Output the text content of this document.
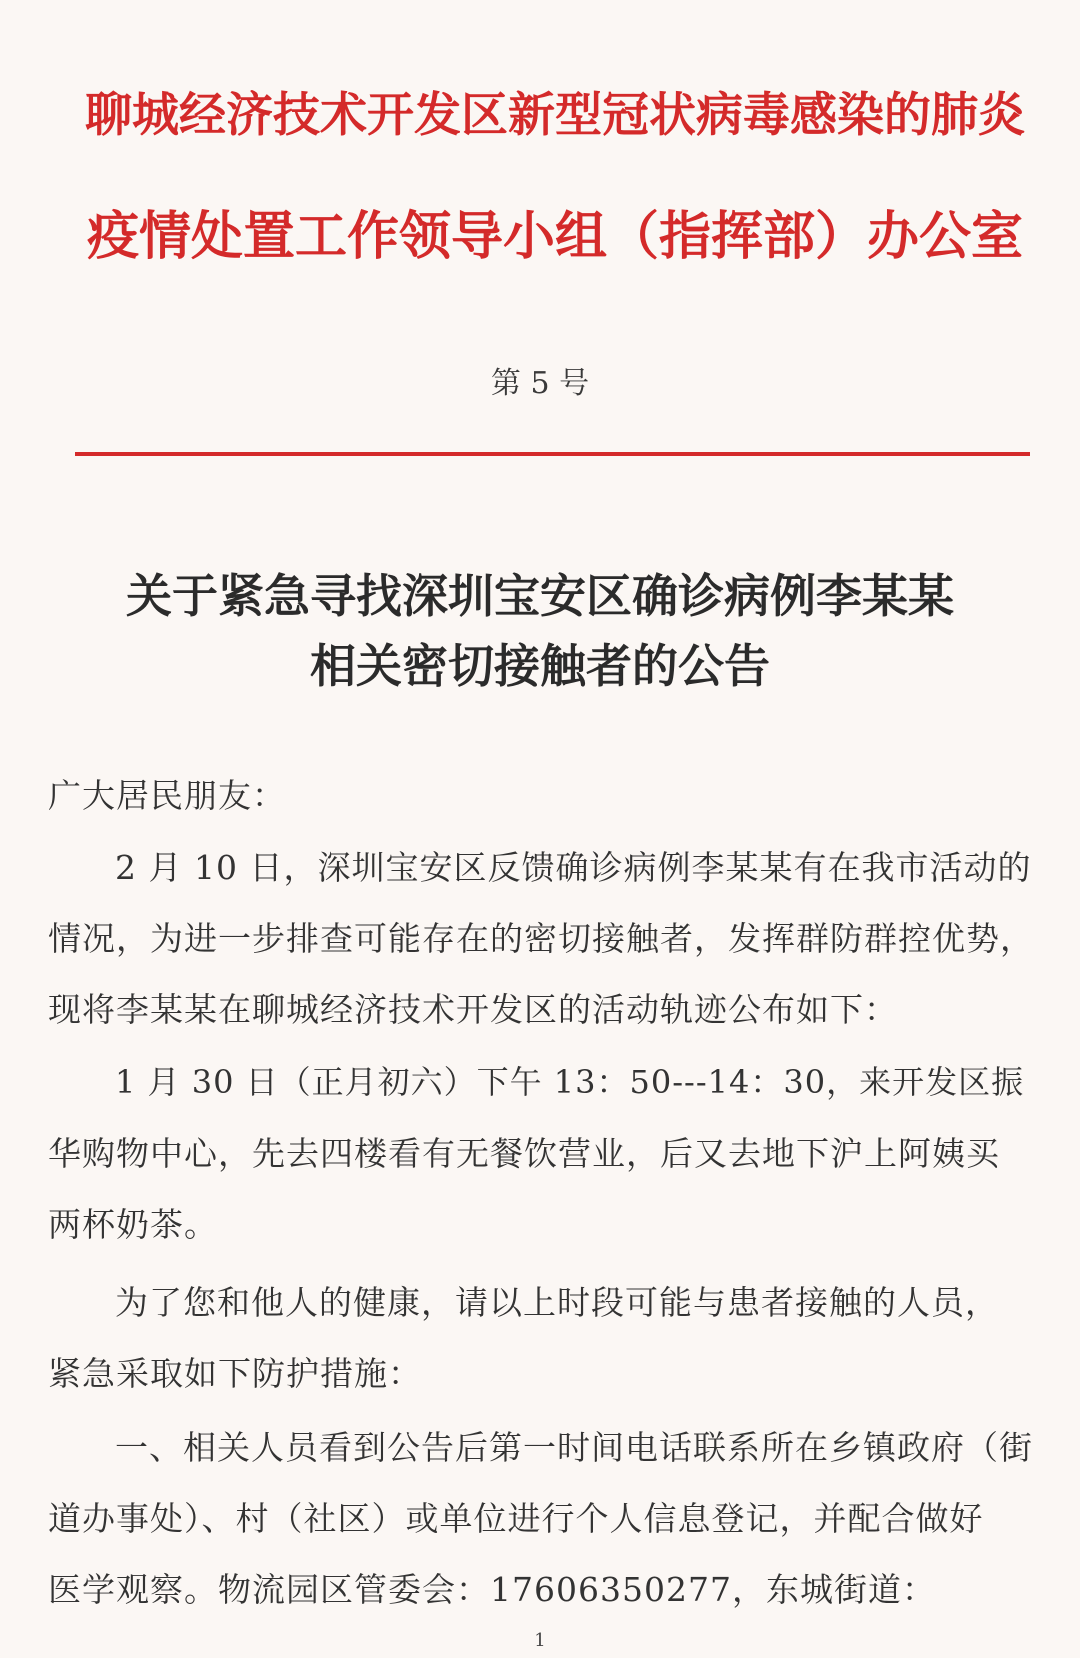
聊城经济技术开发区新型冠状病毒感染的肺炎
疫情处置工作领导小组（指挥部）办公室
第 5 号
关于紧急寻找深圳宝安区确诊病例李某某
相关密切接触者的公告
广大居民朋友：
2 月 10 日，深圳宝安区反馈确诊病例李某某有在我市活动的
情况，为进一步排查可能存在的密切接触者，发挥群防群控优势，
现将李某某在聊城经济技术开发区的活动轨迹公布如下：
1 月 30 日（正月初六）下午 13：50---14：30，来开发区振
华购物中心，先去四楼看有无餐饮营业，后又去地下沪上阿姨买
两杯奶茶。
为了您和他人的健康，请以上时段可能与患者接触的人员，
紧急采取如下防护措施：
一、相关人员看到公告后第一时间电话联系所在乡镇政府（街
道办事处）、村（社区）或单位进行个人信息登记，并配合做好
医学观察。物流园区管委会：17606350277，东城街道：
1
